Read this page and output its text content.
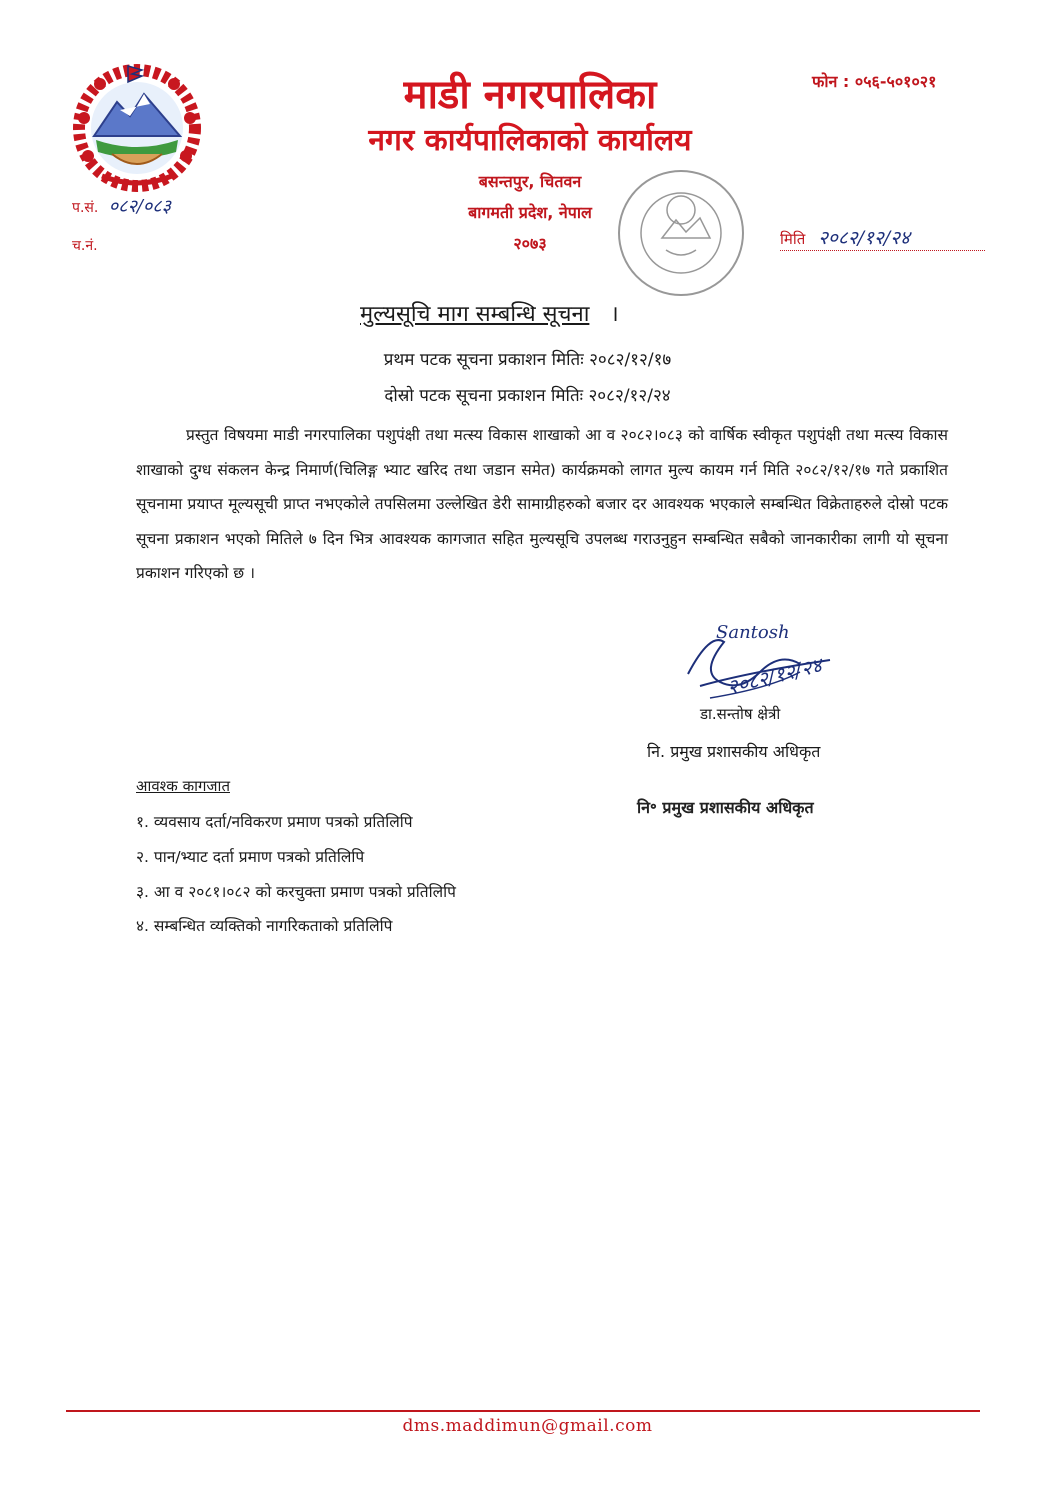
माडी नगरपालिका
नगर कार्यपालिकाको कार्यालय
बसन्तपुर, चितवन
बागमती प्रदेश, नेपाल
२०७३
फोन : ०५६-५०१०२१
प.सं. ०८२/०८३
च.नं.	मिति २०८२/१२/२४
मुल्यसूचि माग सम्बन्धि सूचना ।
प्रथम पटक सूचना प्रकाशन मितिः २०८२/१२/१७
दोस्रो पटक सूचना प्रकाशन मितिः २०८२/१२/२४
प्रस्तुत विषयमा माडी नगरपालिका पशुपंक्षी तथा मत्स्य विकास शाखाको आ व २०८२।०८३ को वार्षिक स्वीकृत पशुपंक्षी तथा मत्स्य विकास शाखाको दुग्ध संकलन केन्द्र निमार्ण(चिलिङ्ग भ्याट खरिद तथा जडान समेत) कार्यक्रमको लागत मुल्य कायम गर्न मिति २०८२/१२/१७ गते प्रकाशित सूचनामा प्रयाप्त मूल्यसूची प्राप्त नभएकोले तपसिलमा उल्लेखित डेरी सामाग्रीहरुको बजार दर आवश्यक भएकाले सम्बन्धित विक्रेताहरुले दोस्रो पटक सूचना प्रकाशन भएको मितिले ७ दिन भित्र आवश्यक कागजात सहित मुल्यसूचि उपलब्ध गराउनुहुन सम्बन्धित सबैको जानकारीका लागी यो सूचना प्रकाशन गरिएको छ ।
Santosh
२०८२/१२/२४
डा.सन्तोष क्षेत्री
नि. प्रमुख प्रशासकीय अधिकृत
नि॰ प्रमुख प्रशासकीय अधिकृत
आवश्क कागजात
१. व्यवसाय दर्ता/नविकरण प्रमाण पत्रको प्रतिलिपि
२. पान/भ्याट दर्ता प्रमाण पत्रको प्रतिलिपि
३. आ व २०८१।०८२ को करचुक्ता प्रमाण पत्रको प्रतिलिपि
४. सम्बन्धित व्यक्तिको नागरिकताको प्रतिलिपि
dms.maddimun@gmail.com
